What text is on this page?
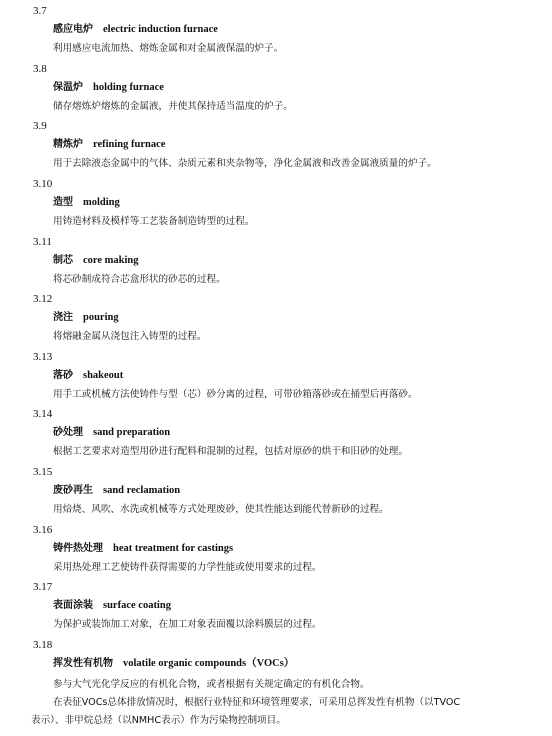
3.7
感应电炉 electric induction furnace
利用感应电流加热、熔炼金属和对金属液保温的炉子。
3.8
保温炉 holding furnace
储存熔炼炉熔炼的金属液，并使其保持适当温度的炉子。
3.9
精炼炉 refining furnace
用于去除液态金属中的气体、杂质元素和夹杂物等，净化金属液和改善金属液质量的炉子。
3.10
造型 molding
用铸造材料及模样等工艺装备制造铸型的过程。
3.11
制芯 core making
将芯砂制成符合芯盒形状的砂芯的过程。
3.12
浇注 pouring
将熔融金属从浇包注入铸型的过程。
3.13
落砂 shakeout
用手工或机械方法使铸件与型（芯）砂分离的过程，可带砂箱落砂或在捅型后再落砂。
3.14
砂处理 sand preparation
根据工艺要求对造型用砂进行配料和混制的过程，包括对原砂的烘干和旧砂的处理。
3.15
废砂再生 sand reclamation
用焙烧、风吹、水洗或机械等方式处理废砂，使其性能达到能代替新砂的过程。
3.16
铸件热处理 heat treatment for castings
采用热处理工艺使铸件获得需要的力学性能或使用要求的过程。
3.17
表面涂装 surface coating
为保护或装饰加工对象，在加工对象表面覆以涂料膜层的过程。
3.18
挥发性有机物 volatile organic compounds（VOCs）

参与大气光化学反应的有机化合物，或者根据有关规定确定的有机化合物。

在表征VOCs总体排放情况时，根据行业特征和环境管理要求，可采用总挥发性有机物（以TVOC

表示）、非甲烷总烃（以NMHC表示）作为污染物控制项目。
